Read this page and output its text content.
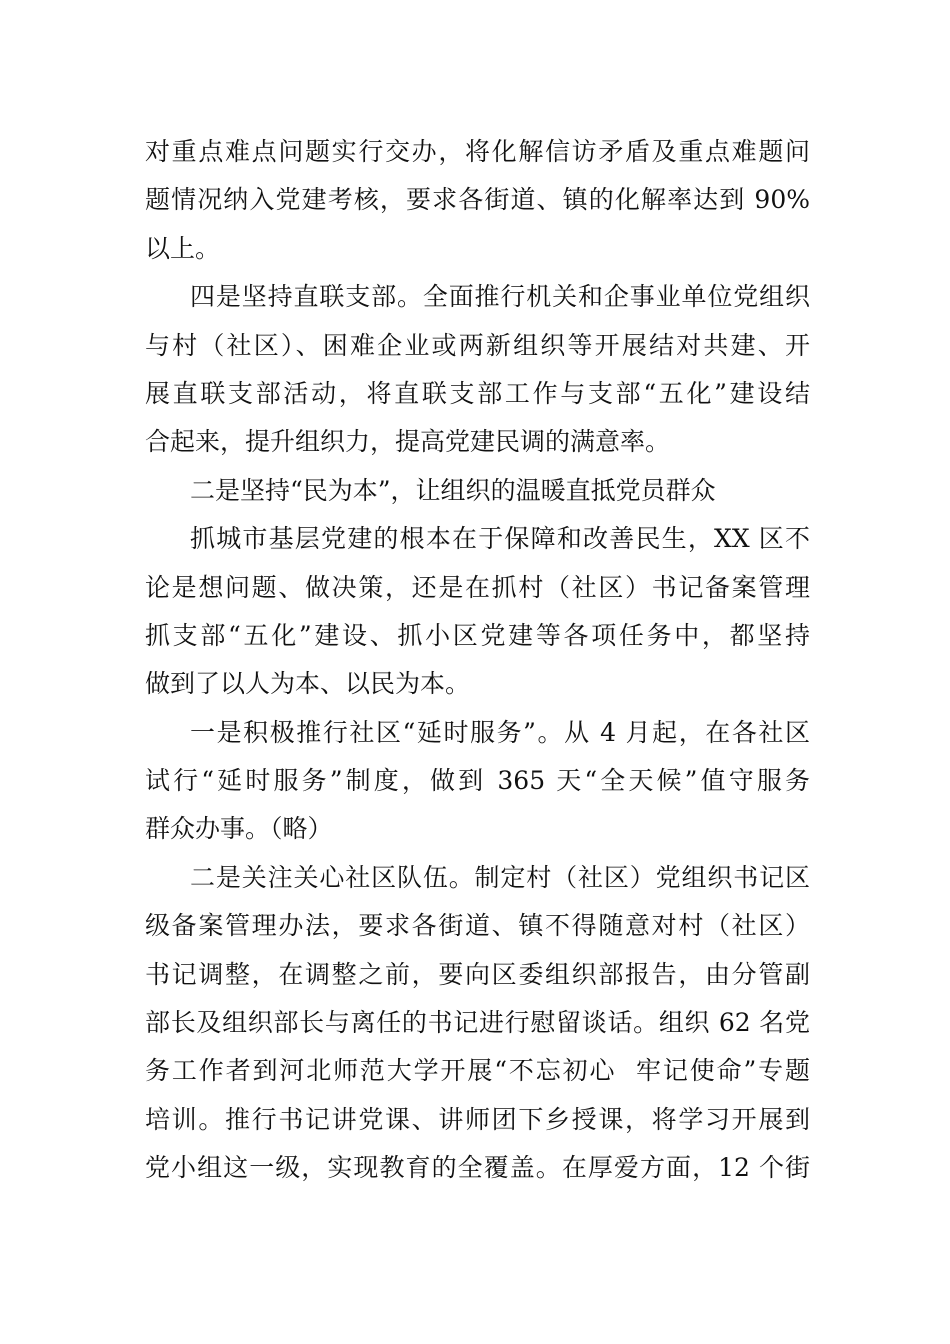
对重点难点问题实行交办，将化解信访矛盾及重点难题问
题情况纳入党建考核，要求各街道、镇的化解率达到 90%
以上。
四是坚持直联支部。全面推行机关和企事业单位党组织
与村（社区）、困难企业或两新组织等开展结对共建、开
展直联支部活动，将直联支部工作与支部“五化”建设结
合起来，提升组织力，提高党建民调的满意率。
二是坚持“民为本”，让组织的温暖直抵党员群众
抓城市基层党建的根本在于保障和改善民生，XX 区不
论是想问题、做决策，还是在抓村（社区）书记备案管理
抓支部“五化”建设、抓小区党建等各项任务中，都坚持
做到了以人为本、以民为本。
一是积极推行社区“延时服务”。从 4 月起，在各社区
试行“延时服务”制度，做到 365 天“全天候”值守服务
群众办事。（略）
二是关注关心社区队伍。制定村（社区）党组织书记区
级备案管理办法，要求各街道、镇不得随意对村（社区）
书记调整，在调整之前，要向区委组织部报告，由分管副
部长及组织部长与离任的书记进行慰留谈话。组织 62 名党
务工作者到河北师范大学开展“不忘初心  牢记使命”专题
培训。推行书记讲党课、讲师团下乡授课，将学习开展到
党小组这一级，实现教育的全覆盖。在厚爱方面，12 个街
